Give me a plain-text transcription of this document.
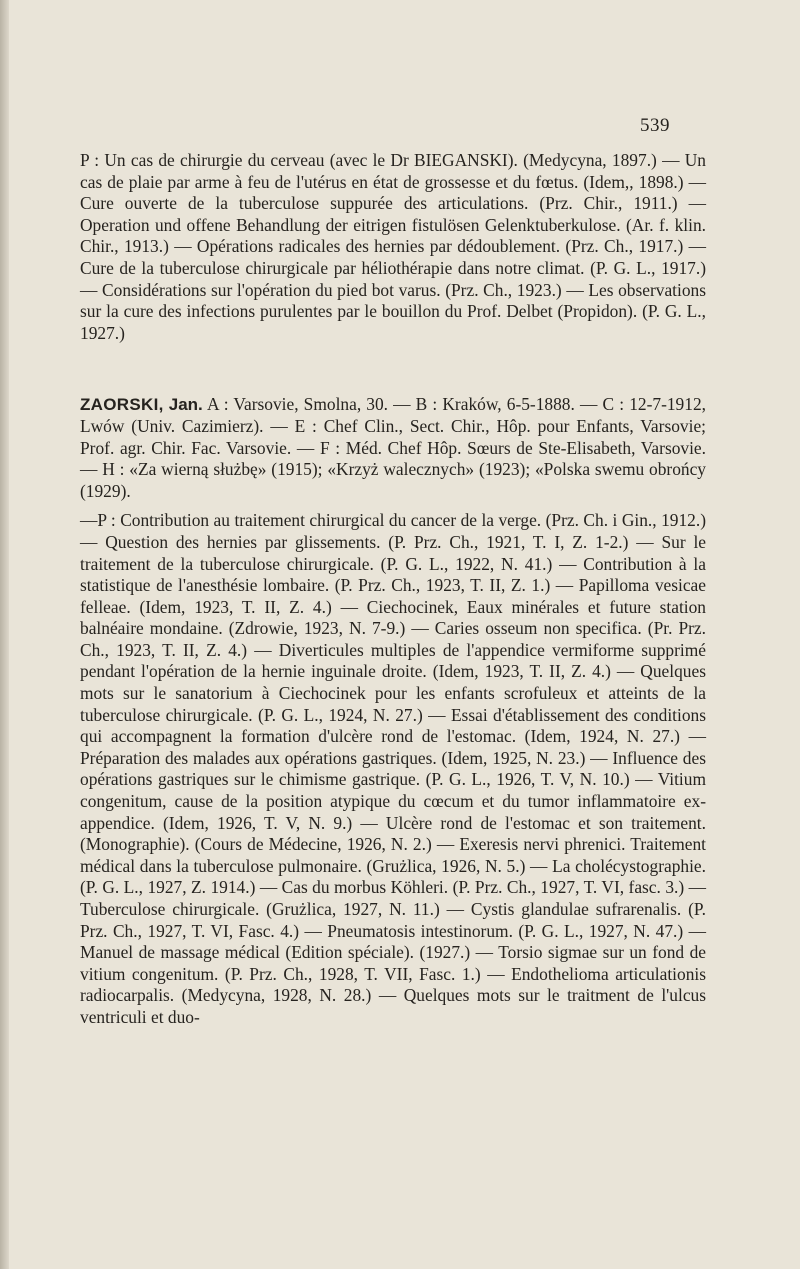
539

P : Un cas de chirurgie du cerveau (avec le Dr BIEGANSKI). (Medycyna, 1897.) — Un cas de plaie par arme à feu de l'utérus en état de grossesse et du fœtus. (Idem,, 1898.) — Cure ouverte de la tuberculose suppurée des articulations. (Prz. Chir., 1911.) — Operation und offene Behandlung der eitrigen fistulösen Gelenktuberkulose. (Ar. f. klin. Chir., 1913.) — Opérations radicales des hernies par dédoublement. (Prz. Ch., 1917.) — Cure de la tuberculose chirurgicale par héliothérapie dans notre climat. (P. G. L., 1917.) — Considérations sur l'opération du pied bot varus. (Prz. Ch., 1923.) — Les observations sur la cure des infections purulentes par le bouillon du Prof. Delbet (Propidon). (P. G. L., 1927.)

ZAORSKI, Jan. A : Varsovie, Smolna, 30. — B : Kraków, 6-5-1888. — C : 12-7-1912, Lwów (Univ. Cazimierz). — E : Chef Clin., Sect. Chir., Hôp. pour Enfants, Varsovie; Prof. agr. Chir. Fac. Varsovie. — F : Méd. Chef Hôp. Sœurs de Ste-Elisabeth, Varsovie. — H : «Za wierną służbę» (1915); «Krzyż walecznych» (1923); «Polska swemu obrońcy (1929).

—P : Contribution au traitement chirurgical du cancer de la verge. (Prz. Ch. i Gin., 1912.) — Question des hernies par glissements. (P. Prz. Ch., 1921, T. I, Z. 1-2.) — Sur le traitement de la tuberculose chirurgicale. (P. G. L., 1922, N. 41.) — Contribution à la statistique de l'anesthésie lombaire. (P. Prz. Ch., 1923, T. II, Z. 1.) — Papilloma vesicae felleae. (Idem, 1923, T. II, Z. 4.) — Ciechocinek, Eaux minérales et future station balnéaire mondaine. (Zdrowie, 1923, N. 7-9.) — Caries osseum non specifica. (Pr. Prz. Ch., 1923, T. II, Z. 4.) — Diverticules multiples de l'appendice vermiforme supprimé pendant l'opération de la hernie inguinale droite. (Idem, 1923, T. II, Z. 4.) — Quelques mots sur le sanatorium à Ciechocinek pour les enfants scrofuleux et atteints de la tuberculose chirurgicale. (P. G. L., 1924, N. 27.) — Essai d'établissement des conditions qui accompagnent la formation d'ulcère rond de l'estomac. (Idem, 1924, N. 27.) — Préparation des malades aux opérations gastriques. (Idem, 1925, N. 23.) — Influence des opérations gastriques sur le chimisme gastrique. (P. G. L., 1926, T. V, N. 10.) — Vitium congenitum, cause de la position atypique du cœcum et du tumor inflammatoire ex-appendice. (Idem, 1926, T. V, N. 9.) — Ulcère rond de l'estomac et son traitement. (Monographie). (Cours de Médecine, 1926, N. 2.) — Exeresis nervi phrenici. Traitement médical dans la tuberculose pulmonaire. (Grużlica, 1926, N. 5.) — La cholécystographie. (P. G. L., 1927, Z. 1914.) — Cas du morbus Köhleri. (P. Prz. Ch., 1927, T. VI, fasc. 3.) — Tuberculose chirurgicale. (Grużlica, 1927, N. 11.) — Cystis glandulae sufrarenalis. (P. Prz. Ch., 1927, T. VI, Fasc. 4.) — Pneumatosis intestinorum. (P. G. L., 1927, N. 47.) — Manuel de massage médical (Edition spéciale). (1927.) — Torsio sigmae sur un fond de vitium congenitum. (P. Prz. Ch., 1928, T. VII, Fasc. 1.) — Endothelioma articulationis radiocarpalis. (Medycyna, 1928, N. 28.) — Quelques mots sur le traitment de l'ulcus ventriculi et duo-
